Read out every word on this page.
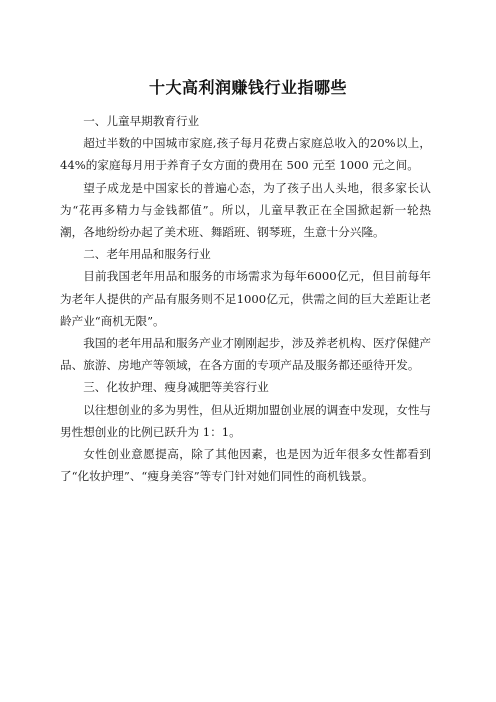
十大高利润赚钱行业指哪些

一、儿童早期教育行业

超过半数的中国城市家庭,孩子每月花费占家庭总收入的20%以上，44%的家庭每月用于养育子女方面的费用在 500 元至 1000 元之间。

望子成龙是中国家长的普遍心态，为了孩子出人头地，很多家长认为“花再多精力与金钱都值”。所以，儿童早教正在全国掀起新一轮热潮，各地纷纷办起了美术班、舞蹈班、钢琴班，生意十分兴隆。

二、老年用品和服务行业

目前我国老年用品和服务的市场需求为每年6000亿元，但目前每年为老年人提供的产品有服务则不足1000亿元，供需之间的巨大差距让老龄产业“商机无限”。

我国的老年用品和服务产业才刚刚起步，涉及养老机构、医疗保健产品、旅游、房地产等领域，在各方面的专项产品及服务都还亟待开发。

三、化妆护理、瘦身减肥等美容行业

以往想创业的多为男性，但从近期加盟创业展的调查中发现，女性与男性想创业的比例已跃升为 1：1。

女性创业意愿提高，除了其他因素，也是因为近年很多女性都看到了“化妆护理”、“瘦身美容”等专门针对她们同性的商机钱景。
